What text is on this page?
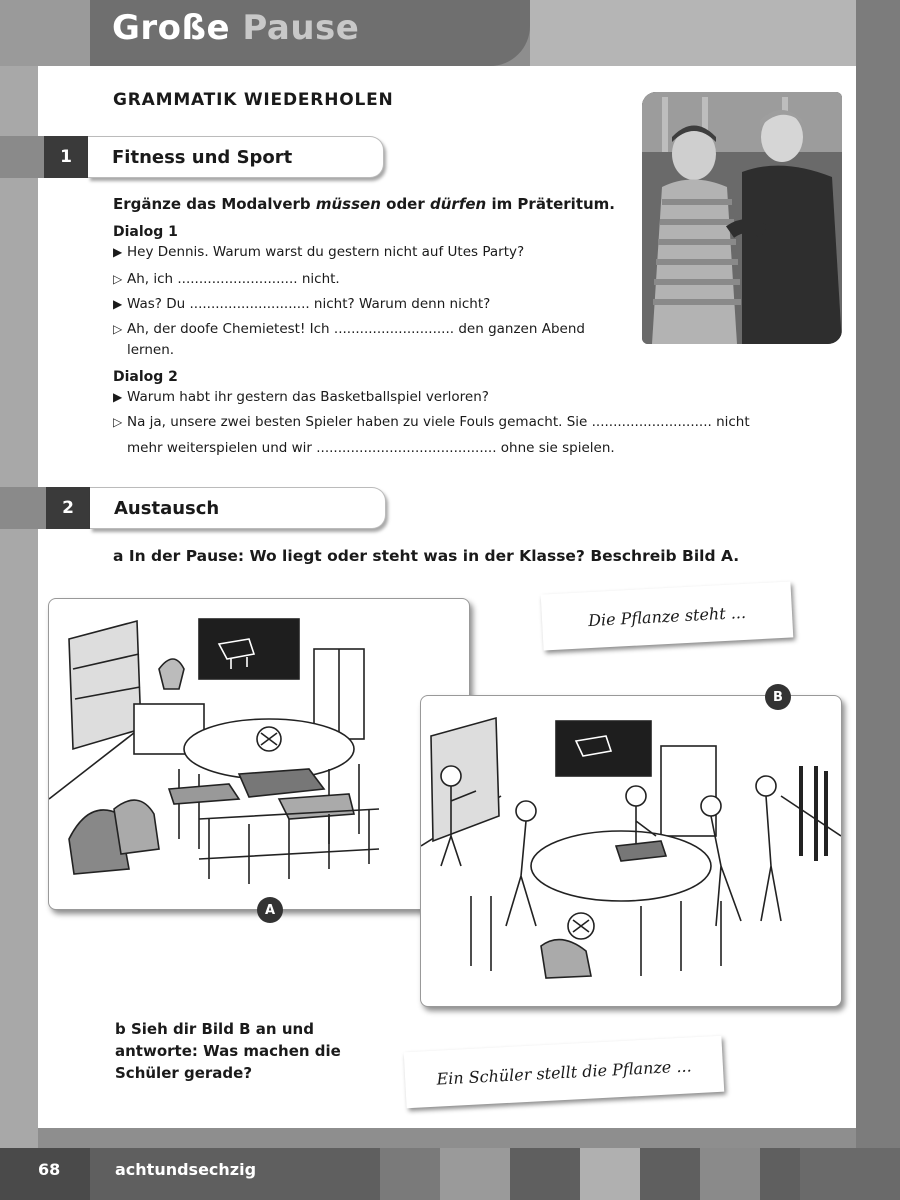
Große Pause
GRAMMATIK WIEDERHOLEN
1	Fitness und Sport
Ergänze das Modalverb müssen oder dürfen im Präteritum.
Dialog 1
▶ Hey Dennis. Warum warst du gestern nicht auf Utes Party?
▷ Ah, ich ............................ nicht.
▶ Was? Du ............................ nicht? Warum denn nicht?
▷ Ah, der doofe Chemietest! Ich ............................ den ganzen Abend
lernen.
Dialog 2
▶ Warum habt ihr gestern das Basketballspiel verloren?
▷ Na ja, unsere zwei besten Spieler haben zu viele Fouls gemacht. Sie ............................ nicht
mehr weiterspielen und wir .......................................... ohne sie spielen.
2	Austausch
a In der Pause: Wo liegt oder steht was in der Klasse? Beschreib Bild A.
A
Die Pflanze steht ...
B
b Sieh dir Bild B an und
antworte: Was machen die
Schüler gerade?	Ein Schüler stellt die Pflanze ...
68	achtundsechzig
